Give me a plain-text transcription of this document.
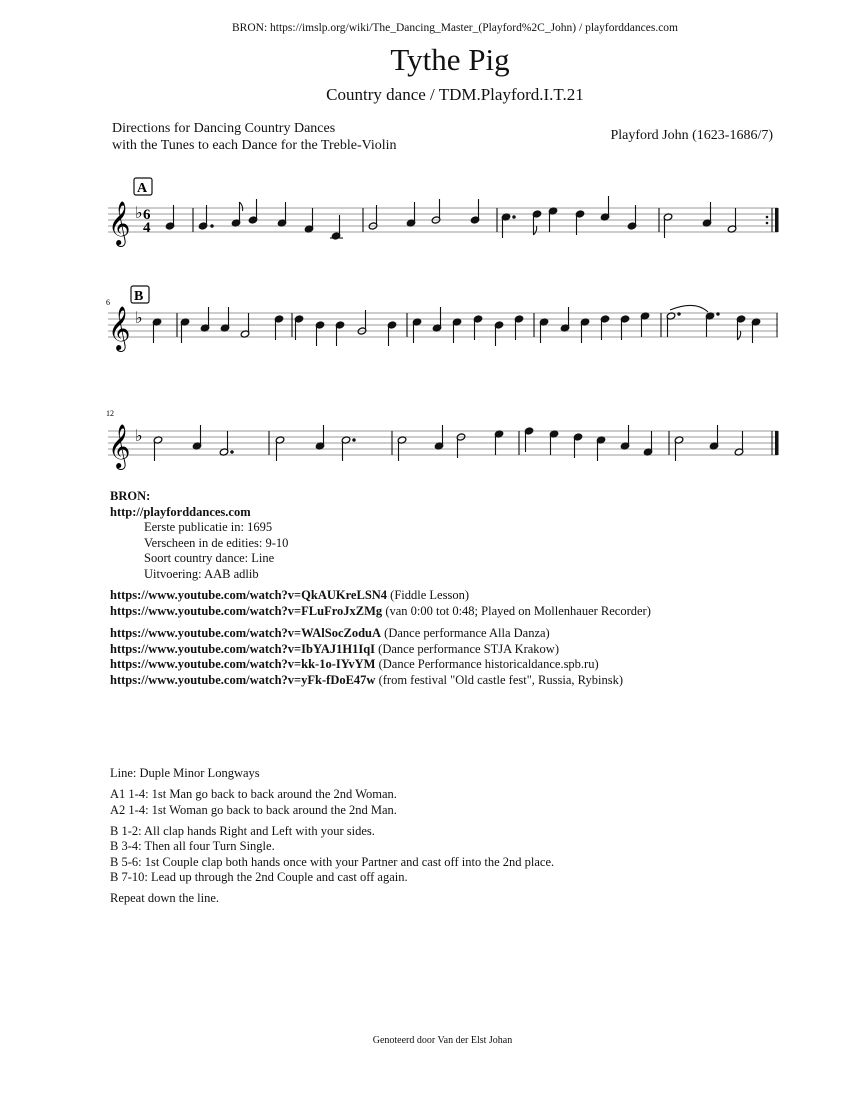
BRON: https://imslp.org/wiki/The_Dancing_Master_(Playford%2C_John) / playforddances.com
Tythe Pig
Country dance / TDM.Playford.I.T.21
Directions for Dancing Country Dances
with the Tunes to each Dance for the Treble-Violin
Playford John (1623-1686/7)
𝄞 ♭ 6
4
A
6
𝄞 ♭
B
12
𝄞 ♭
BRON:
http://playforddances.com
Eerste publicatie in: 1695
Verscheen in de edities: 9-10
Soort country dance: Line
Uitvoering: AAB adlib
https://www.youtube.com/watch?v=QkAUKreLSN4 (Fiddle Lesson)
https://www.youtube.com/watch?v=FLuFroJxZMg (van 0:00 tot 0:48; Played on Mollenhauer Recorder)
https://www.youtube.com/watch?v=WAlSocZoduA (Dance performance Alla Danza)
https://www.youtube.com/watch?v=IbYAJ1H1IqI (Dance performance STJA Krakow)
https://www.youtube.com/watch?v=kk-1o-IYvYM (Dance Performance historicaldance.spb.ru)
https://www.youtube.com/watch?v=yFk-fDoE47w (from festival "Old castle fest", Russia, Rybinsk)
Line: Duple Minor Longways
A1 1-4: 1st Man go back to back around the 2nd Woman.
A2 1-4: 1st Woman go back to back around the 2nd Man.
B 1-2: All clap hands Right and Left with your sides.
B 3-4: Then all four Turn Single.
B 5-6: 1st Couple clap both hands once with your Partner and cast off into the 2nd place.
B 7-10: Lead up through the 2nd Couple and cast off again.
Repeat down the line.
Genoteerd door Van der Elst Johan
